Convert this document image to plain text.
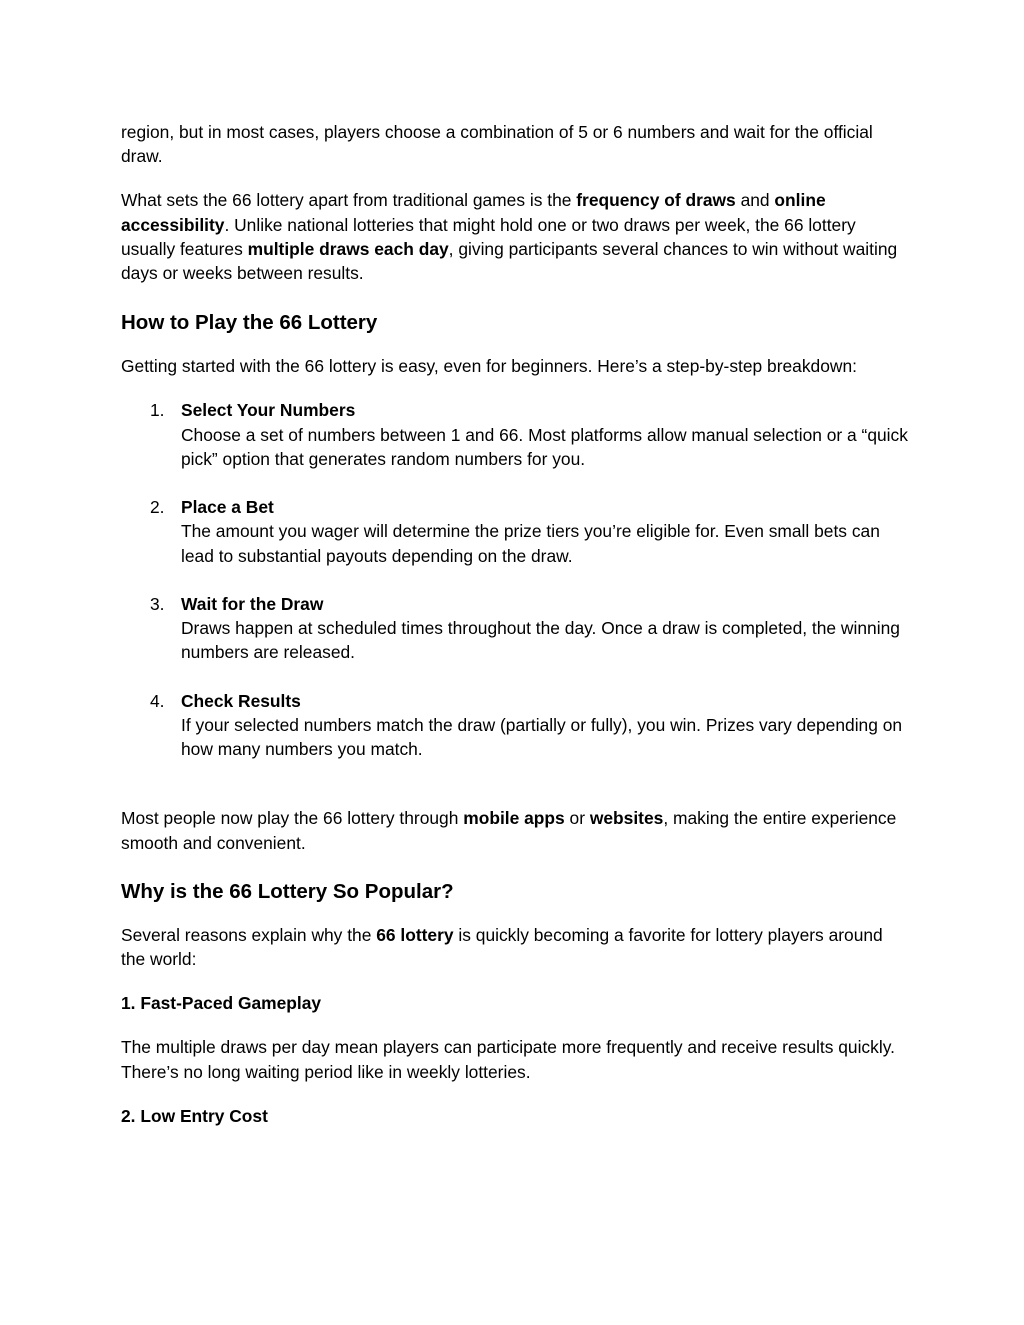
region, but in most cases, players choose a combination of 5 or 6 numbers and wait for the official draw.

What sets the 66 lottery apart from traditional games is the frequency of draws and online accessibility. Unlike national lotteries that might hold one or two draws per week, the 66 lottery usually features multiple draws each day, giving participants several chances to win without waiting days or weeks between results.

How to Play the 66 Lottery

Getting started with the 66 lottery is easy, even for beginners. Here’s a step-by-step breakdown:

1. Select Your Numbers
Choose a set of numbers between 1 and 66. Most platforms allow manual selection or a “quick pick” option that generates random numbers for you.
2. Place a Bet
The amount you wager will determine the prize tiers you’re eligible for. Even small bets can lead to substantial payouts depending on the draw.
3. Wait for the Draw
Draws happen at scheduled times throughout the day. Once a draw is completed, the winning numbers are released.
4. Check Results
If your selected numbers match the draw (partially or fully), you win. Prizes vary depending on how many numbers you match.

Most people now play the 66 lottery through mobile apps or websites, making the entire experience smooth and convenient.

Why is the 66 Lottery So Popular?

Several reasons explain why the 66 lottery is quickly becoming a favorite for lottery players around the world:

1. Fast-Paced Gameplay

The multiple draws per day mean players can participate more frequently and receive results quickly. There’s no long waiting period like in weekly lotteries.

2. Low Entry Cost
